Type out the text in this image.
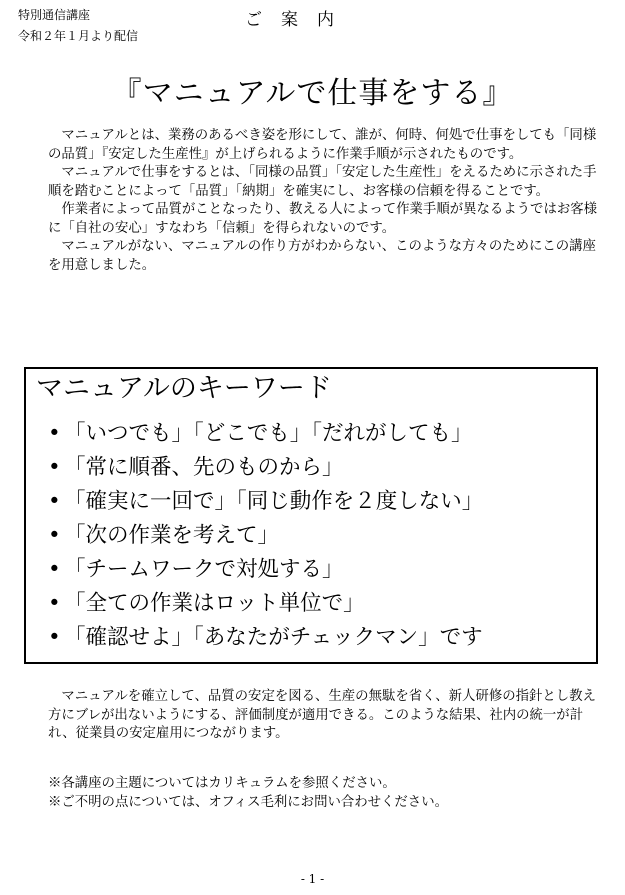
特別通信講座
令和２年１月より配信
ご案内
『マニュアルで仕事をする』

マニュアルとは、業務のあるべき姿を形にして、誰が、何時、何処で仕事をしても「同様の品質」『安定した生産性』が上げられるように作業手順が示されたものです。

マニュアルで仕事をするとは、「同様の品質」「安定した生産性」をえるために示された手順を踏むことによって「品質」「納期」を確実にし、お客様の信頼を得ることです。

作業者によって品質がことなったり、教える人によって作業手順が異なるようではお客様に「自社の安心」すなわち「信頼」を得られないのです。

マニュアルがない、マニュアルの作り方がわからない、このような方々のためにこの講座を用意しました。

マニュアルのキーワード
• 「いつでも」「どこでも」「だれがしても」
• 「常に順番、先のものから」
• 「確実に一回で」「同じ動作を２度しない」
• 「次の作業を考えて」
• 「チームワークで対処する」
• 「全ての作業はロット単位で」
• 「確認せよ」「あなたがチェックマン」です

マニュアルを確立して、品質の安定を図る、生産の無駄を省く、新人研修の指針とし教え方にブレが出ないようにする、評価制度が適用できる。このような結果、社内の統一が計れ、従業員の安定雇用につながります。

※各講座の主題についてはカリキュラムを参照ください。

※ご不明の点については、オフィス毛利にお問い合わせください。

- 1 -
